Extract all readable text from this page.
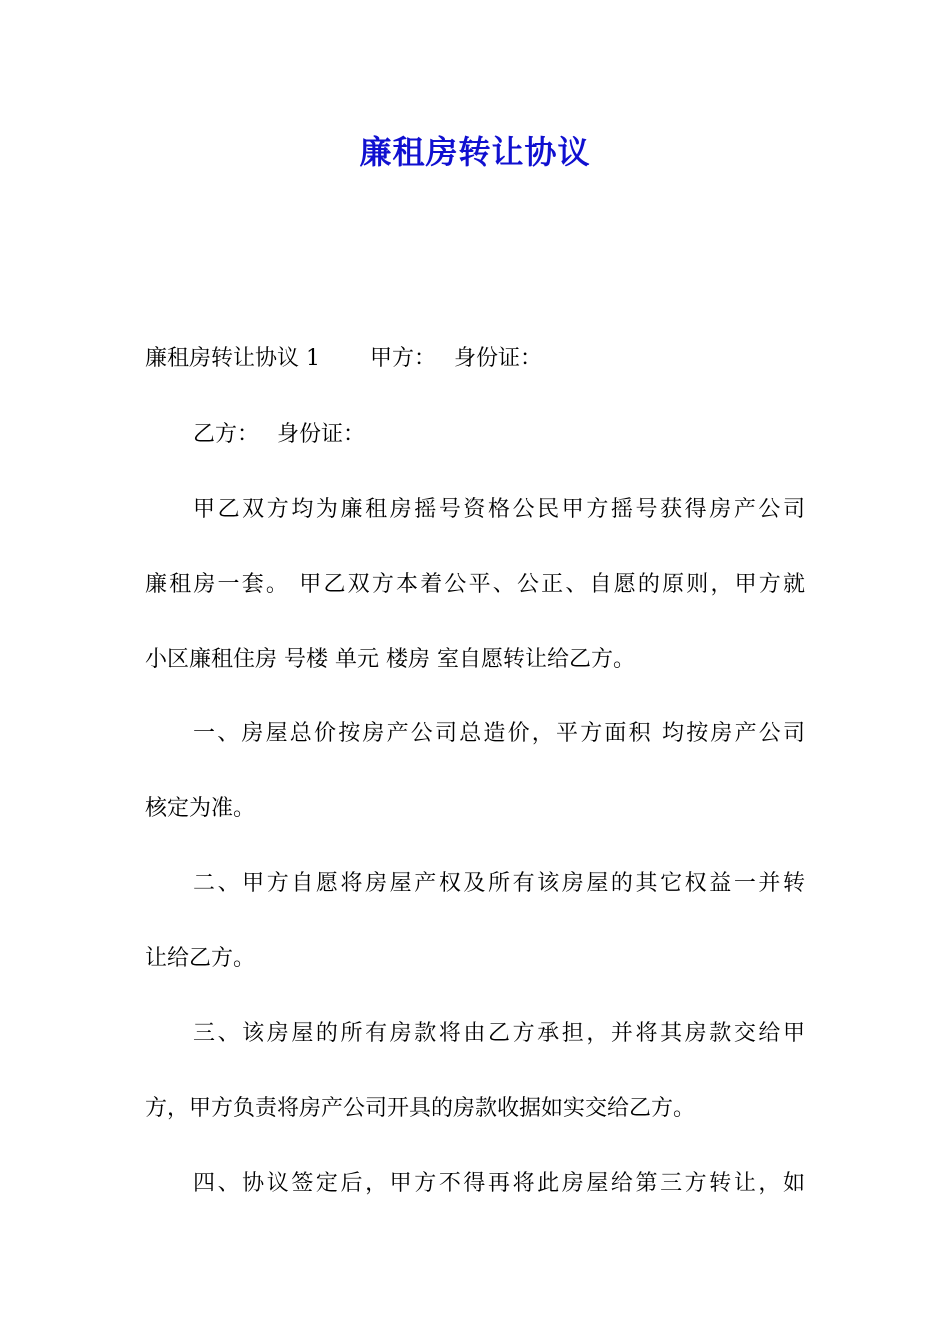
廉租房转让协议
廉租房转让协议 1 甲方： 身份证：
乙方： 身份证：
甲乙双方均为廉租房摇号资格公民甲方摇号获得房产公司
廉租房一套。 甲乙双方本着公平、公正、自愿的原则，甲方就
小区廉租住房 号楼 单元 楼房 室自愿转让给乙方。
一、房屋总价按房产公司总造价，平方面积 均按房产公司
核定为准。
二、甲方自愿将房屋产权及所有该房屋的其它权益一并转
让给乙方。
三、该房屋的所有房款将由乙方承担，并将其房款交给甲
方，甲方负责将房产公司开具的房款收据如实交给乙方。
四、协议签定后，甲方不得再将此房屋给第三方转让，如
